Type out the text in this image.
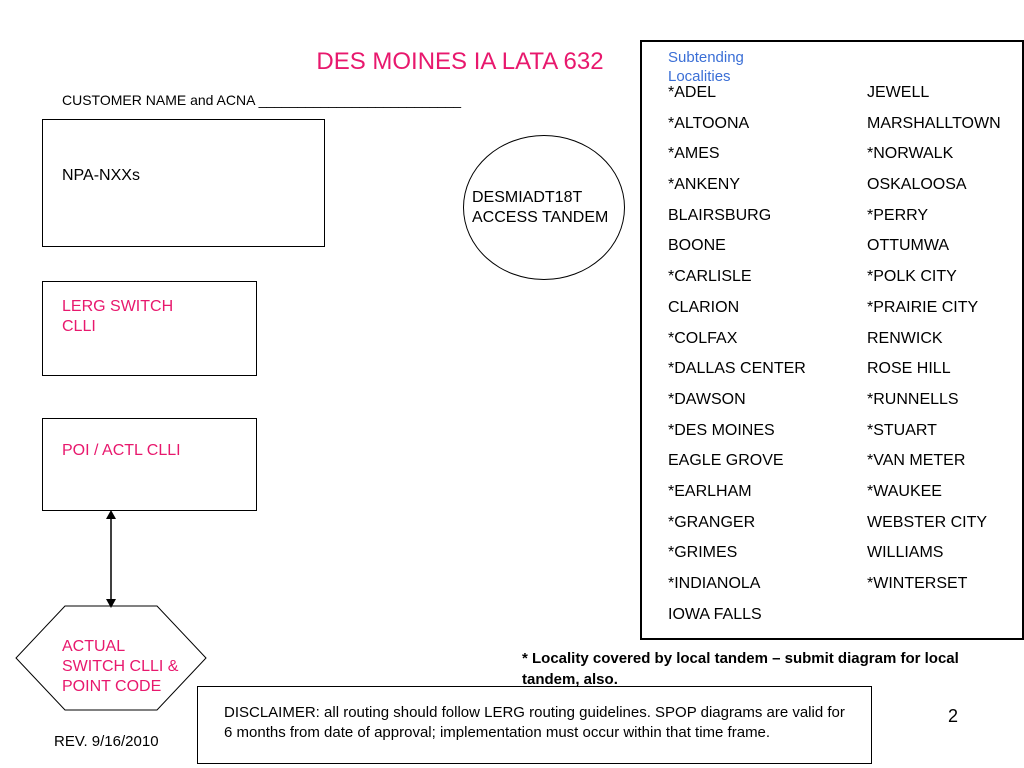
DES MOINES IA LATA 632
CUSTOMER NAME and ACNA __________________________
NPA-NXXs
LERG SWITCH
CLLI
POI / ACTL CLLI
ACTUAL
SWITCH CLLI &
POINT CODE
DESMIADT18T
ACCESS TANDEM
Subtending Localities
*ADEL
*ALTOONA
*AMES
*ANKENY
BLAIRSBURG
BOONE
*CARLISLE
CLARION
*COLFAX
*DALLAS CENTER
*DAWSON
*DES MOINES
EAGLE GROVE
*EARLHAM
*GRANGER
*GRIMES
*INDIANOLA
IOWA FALLS
JEWELL
MARSHALLTOWN
*NORWALK
OSKALOOSA
*PERRY
OTTUMWA
*POLK CITY
*PRAIRIE CITY
RENWICK
ROSE HILL
*RUNNELLS
*STUART
*VAN METER
*WAUKEE
WEBSTER CITY
WILLIAMS
*WINTERSET
* Locality covered by local tandem – submit diagram for local tandem, also.
DISCLAIMER: all routing should follow LERG routing guidelines. SPOP diagrams are valid for 6 months from date of approval; implementation must occur within that time frame.
2
REV. 9/16/2010
